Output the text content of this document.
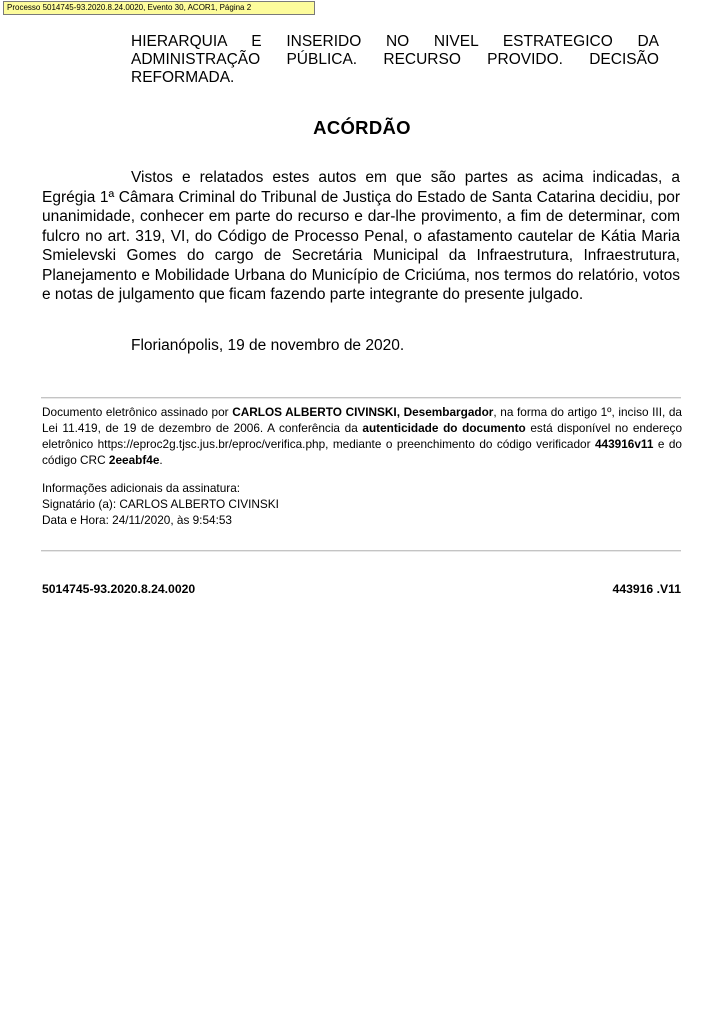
Processo 5014745-93.2020.8.24.0020, Evento 30, ACOR1, Página 2
HIERARQUIA E INSERIDO NO NIVEL ESTRATEGICO DA ADMINISTRAÇÃO PÚBLICA. RECURSO PROVIDO. DECISÃO REFORMADA.
ACÓRDÃO
Vistos e relatados estes autos em que são partes as acima indicadas, a Egrégia 1ª Câmara Criminal do Tribunal de Justiça do Estado de Santa Catarina decidiu, por unanimidade, conhecer em parte do recurso e dar-lhe provimento, a fim de determinar, com fulcro no art. 319, VI, do Código de Processo Penal, o afastamento cautelar de Kátia Maria Smielevski Gomes do cargo de Secretária Municipal da Infraestrutura, Infraestrutura, Planejamento e Mobilidade Urbana do Município de Criciúma, nos termos do relatório, votos e notas de julgamento que ficam fazendo parte integrante do presente julgado.
Florianópolis, 19 de novembro de 2020.
Documento eletrônico assinado por CARLOS ALBERTO CIVINSKI, Desembargador, na forma do artigo 1º, inciso III, da Lei 11.419, de 19 de dezembro de 2006. A conferência da autenticidade do documento está disponível no endereço eletrônico https://eproc2g.tjsc.jus.br/eproc/verifica.php, mediante o preenchimento do código verificador 443916v11 e do código CRC 2eeabf4e.
Informações adicionais da assinatura:
Signatário (a): CARLOS ALBERTO CIVINSKI
Data e Hora: 24/11/2020, às 9:54:53
5014745-93.2020.8.24.0020	443916 .V11
